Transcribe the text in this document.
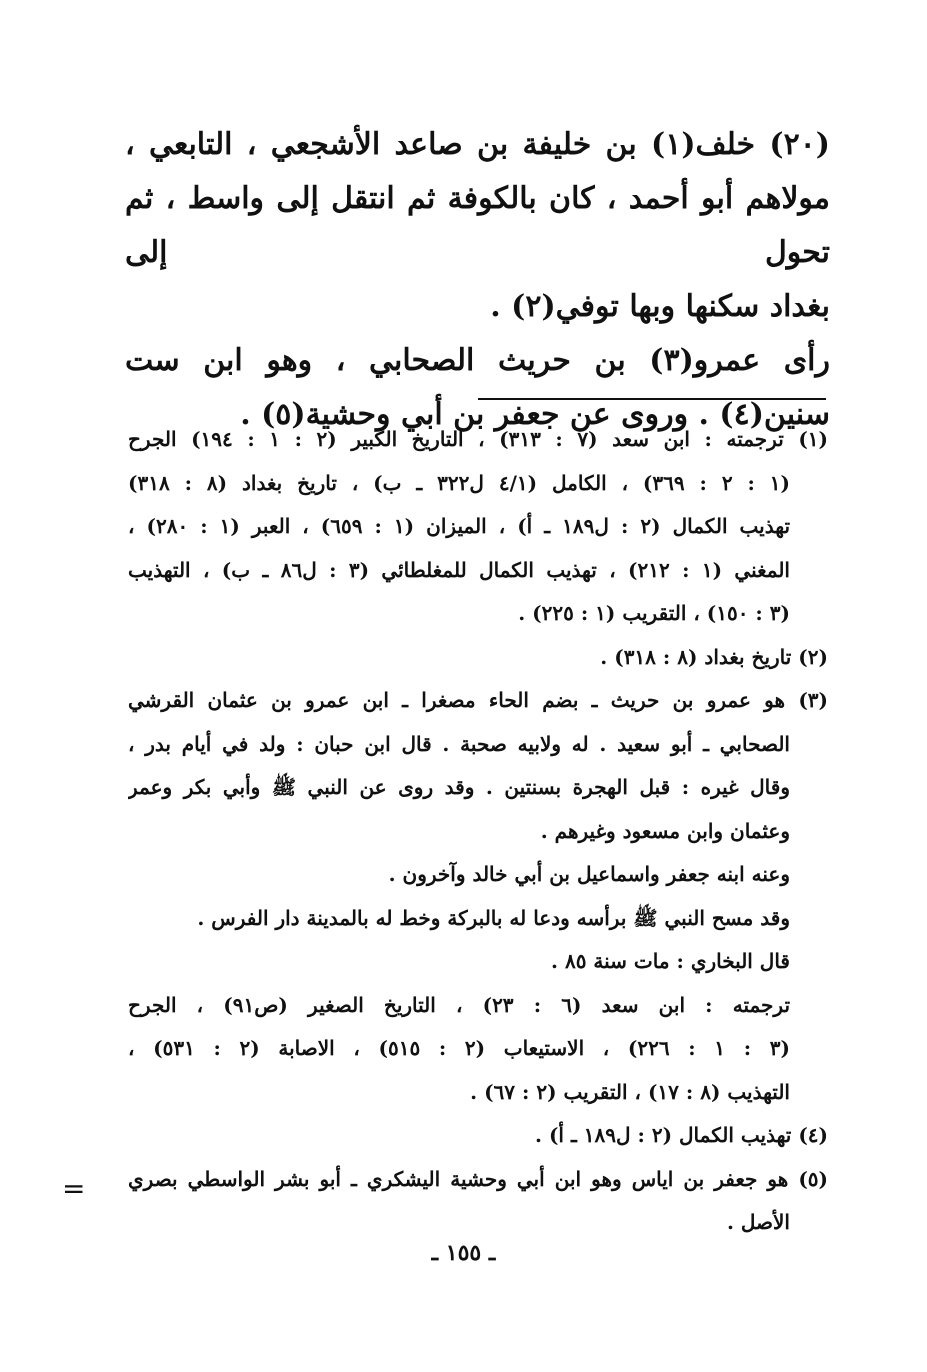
(٢٠) خلف(١) بن خليفة بن صاعد الأشجعي ، التابعي ،

مولاهم أبو أحمد ، كان بالكوفة ثم انتقل إلى واسط ، ثم تحول إلى

بغداد سكنها وبها توفي(٢) .

رأى عمرو(٣) بن حريث الصحابي ، وهو ابن ست

سنين(٤) . وروى عن جعفر بن أبي وحشية(٥) .

(١) ترجمته : ابن سعد (٧ : ٣١٣) ، التاريخ الكبير (٢ : ١ : ١٩٤) الجرح
(١ : ٢ : ٣٦٩) ، الكامل (٤/١ ل٣٢٢ ـ ب) ، تاريخ بغداد (٨ : ٣١٨)
تهذيب الكمال (٢ : ل١٨٩ ـ أ) ، الميزان (١ : ٦٥٩) ، العبر (١ : ٢٨٠) ،
المغني (١ : ٢١٢) ، تهذيب الكمال للمغلطائي (٣ : ل٨٦ ـ ب) ، التهذيب
(٣ : ١٥٠) ، التقريب (١ : ٢٢٥) .
(٢) تاريخ بغداد (٨ : ٣١٨) .
(٣) هو عمرو بن حريث ـ بضم الحاء مصغرا ـ ابن عمرو بن عثمان القرشي
الصحابي ـ أبو سعيد . له ولابيه صحبة . قال ابن حبان : ولد في أيام بدر ،
وقال غيره : قبل الهجرة بسنتين . وقد روى عن النبي ﷺ وأبي بكر وعمر
وعثمان وابن مسعود وغيرهم .
وعنه ابنه جعفر واسماعيل بن أبي خالد وآخرون .
وقد مسح النبي ﷺ برأسه ودعا له بالبركة وخط له بالمدينة دار الفرس .
قال البخاري : مات سنة ٨٥ .
ترجمته : ابن سعد (٦ : ٢٣) ، التاريخ الصغير (ص٩١) ، الجرح
(٣ : ١ : ٢٢٦) ، الاستيعاب (٢ : ٥١٥) ، الاصابة (٢ : ٥٣١) ،
التهذيب (٨ : ١٧) ، التقريب (٢ : ٦٧) .
(٤) تهذيب الكمال (٢ : ل١٨٩ ـ أ) .
(٥) هو جعفر بن اياس وهو ابن أبي وحشية اليشكري ـ أبو بشر الواسطي بصري
الأصل .
=
ـ ١٥٥ ـ
